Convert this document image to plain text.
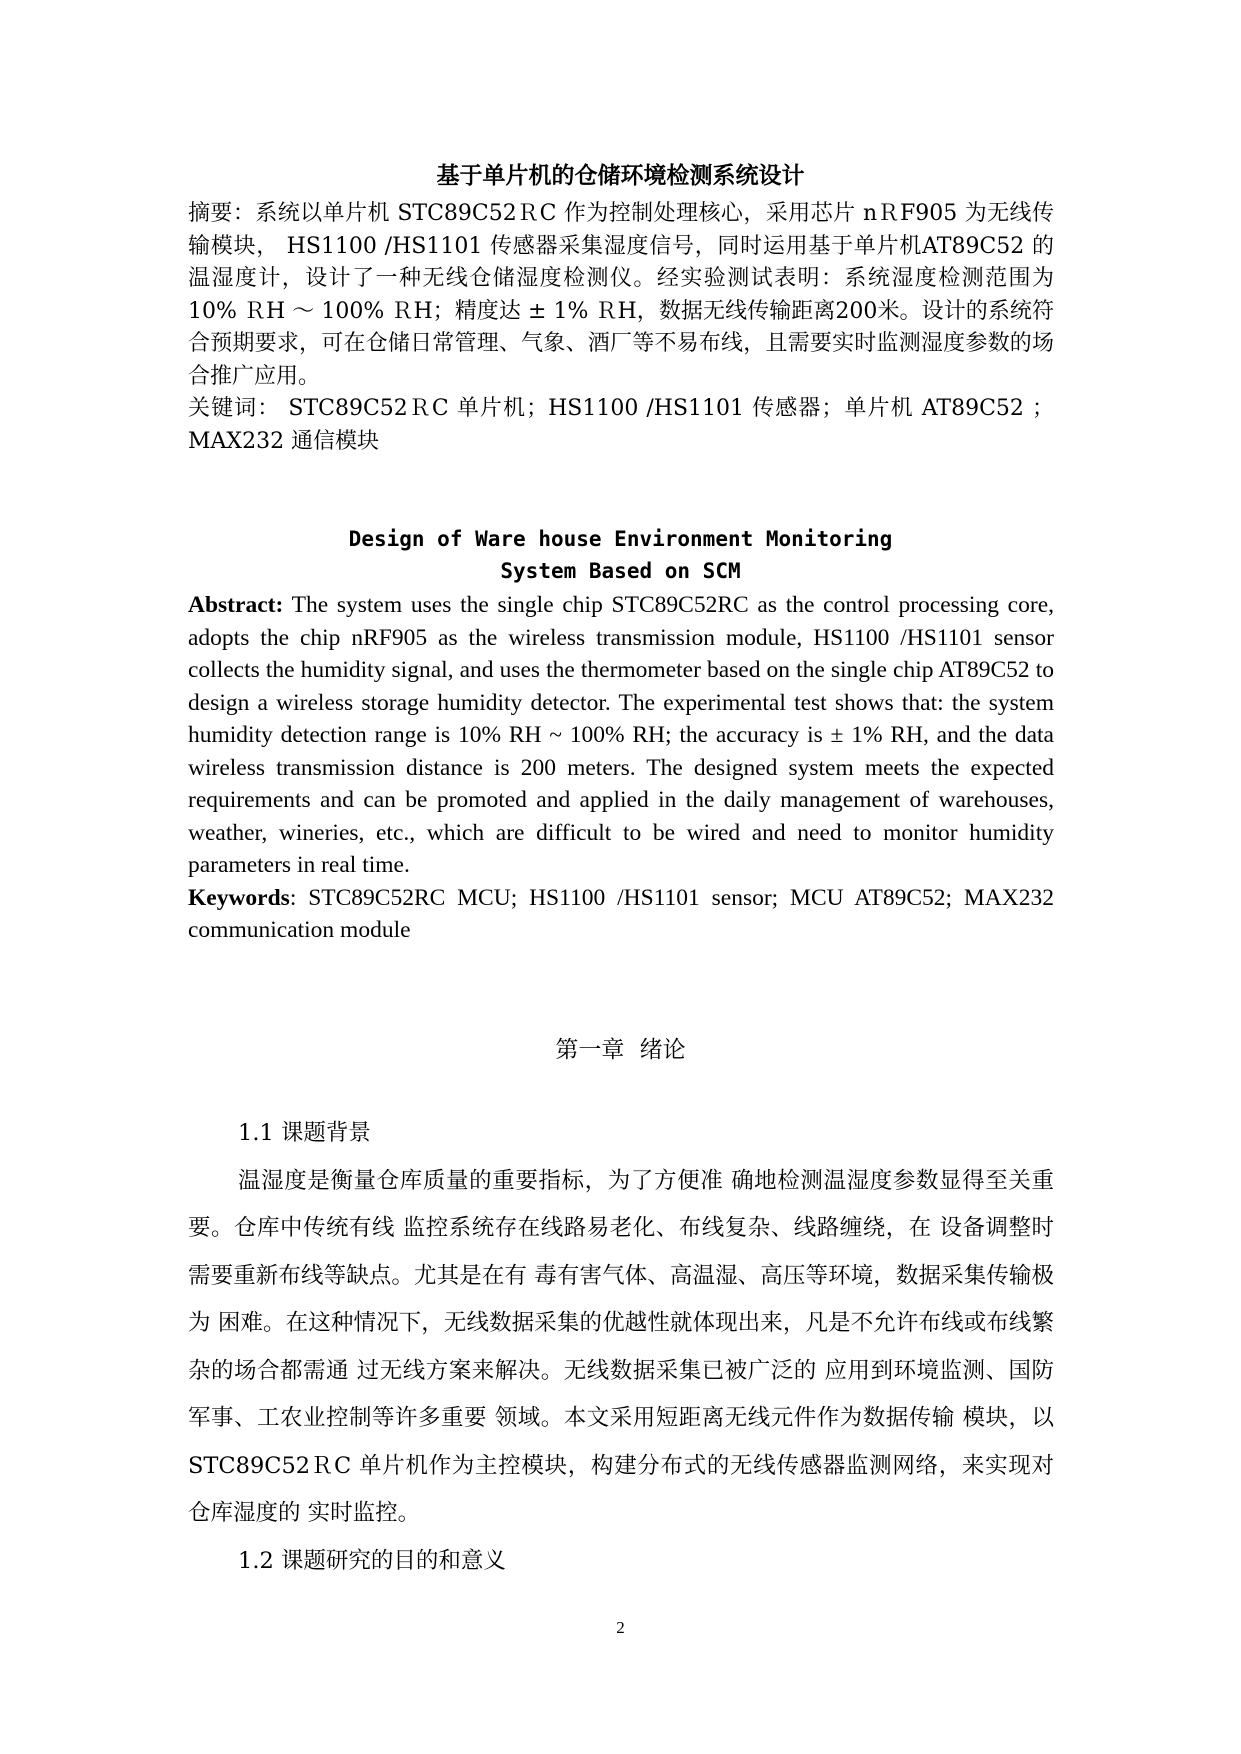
基于单片机的仓储环境检测系统设计

摘要：系统以单片机 STC89C52ＲC 作为控制处理核心，采用芯片 nＲF905 为无线传输模块， HS1100 /HS1101 传感器采集湿度信号，同时运用基于单片机AT89C52 的温湿度计，设计了一种无线仓储湿度检测仪。经实验测试表明：系统湿度检测范围为 10% ＲH ～ 100% ＲH；精度达 ± 1% ＲH，数据无线传输距离200米。设计的系统符合预期要求，可在仓储日常管理、气象、酒厂等不易布线，且需要实时监测湿度参数的场 合推广应用。

关键词： STC89C52ＲC 单片机；HS1100 /HS1101 传感器；单片机 AT89C52 ；MAX232 通信模块

Design of Ware house Environment Monitoring
System Based on SCM

Abstract: The system uses the single chip STC89C52RC as the control processing core, adopts the chip nRF905 as the wireless transmission module, HS1100 /HS1101 sensor collects the humidity signal, and uses the thermometer based on the single chip AT89C52 to design a wireless storage humidity detector. The experimental test shows that: the system humidity detection range is 10% RH ~ 100% RH; the accuracy is ± 1% RH, and the data wireless transmission distance is 200 meters. The designed system meets the expected requirements and can be promoted and applied in the daily management of warehouses, weather, wineries, etc., which are difficult to be wired and need to monitor humidity parameters in real time.

Keywords: STC89C52RC MCU; HS1100 /HS1101 sensor; MCU AT89C52; MAX232 communication module

第一章 绪论

1.1 课题背景

温湿度是衡量仓库质量的重要指标，为了方便准 确地检测温湿度参数显得至关重要。仓库中传统有线 监控系统存在线路易老化、布线复杂、线路缠绕，在 设备调整时需要重新布线等缺点。尤其是在有 毒有害气体、高温湿、高压等环境，数据采集传输极为 困难。在这种情况下，无线数据采集的优越性就体现出来，凡是不允许布线或布线繁杂的场合都需通 过无线方案来解决。无线数据采集已被广泛的 应用到环境监测、国防军事、工农业控制等许多重要 领域。本文采用短距离无线元件作为数据传输 模块，以 STC89C52ＲC 单片机作为主控模块，构建分布式的无线传感器监测网络，来实现对仓库湿度的 实时监控。

1.2 课题研究的目的和意义

2
